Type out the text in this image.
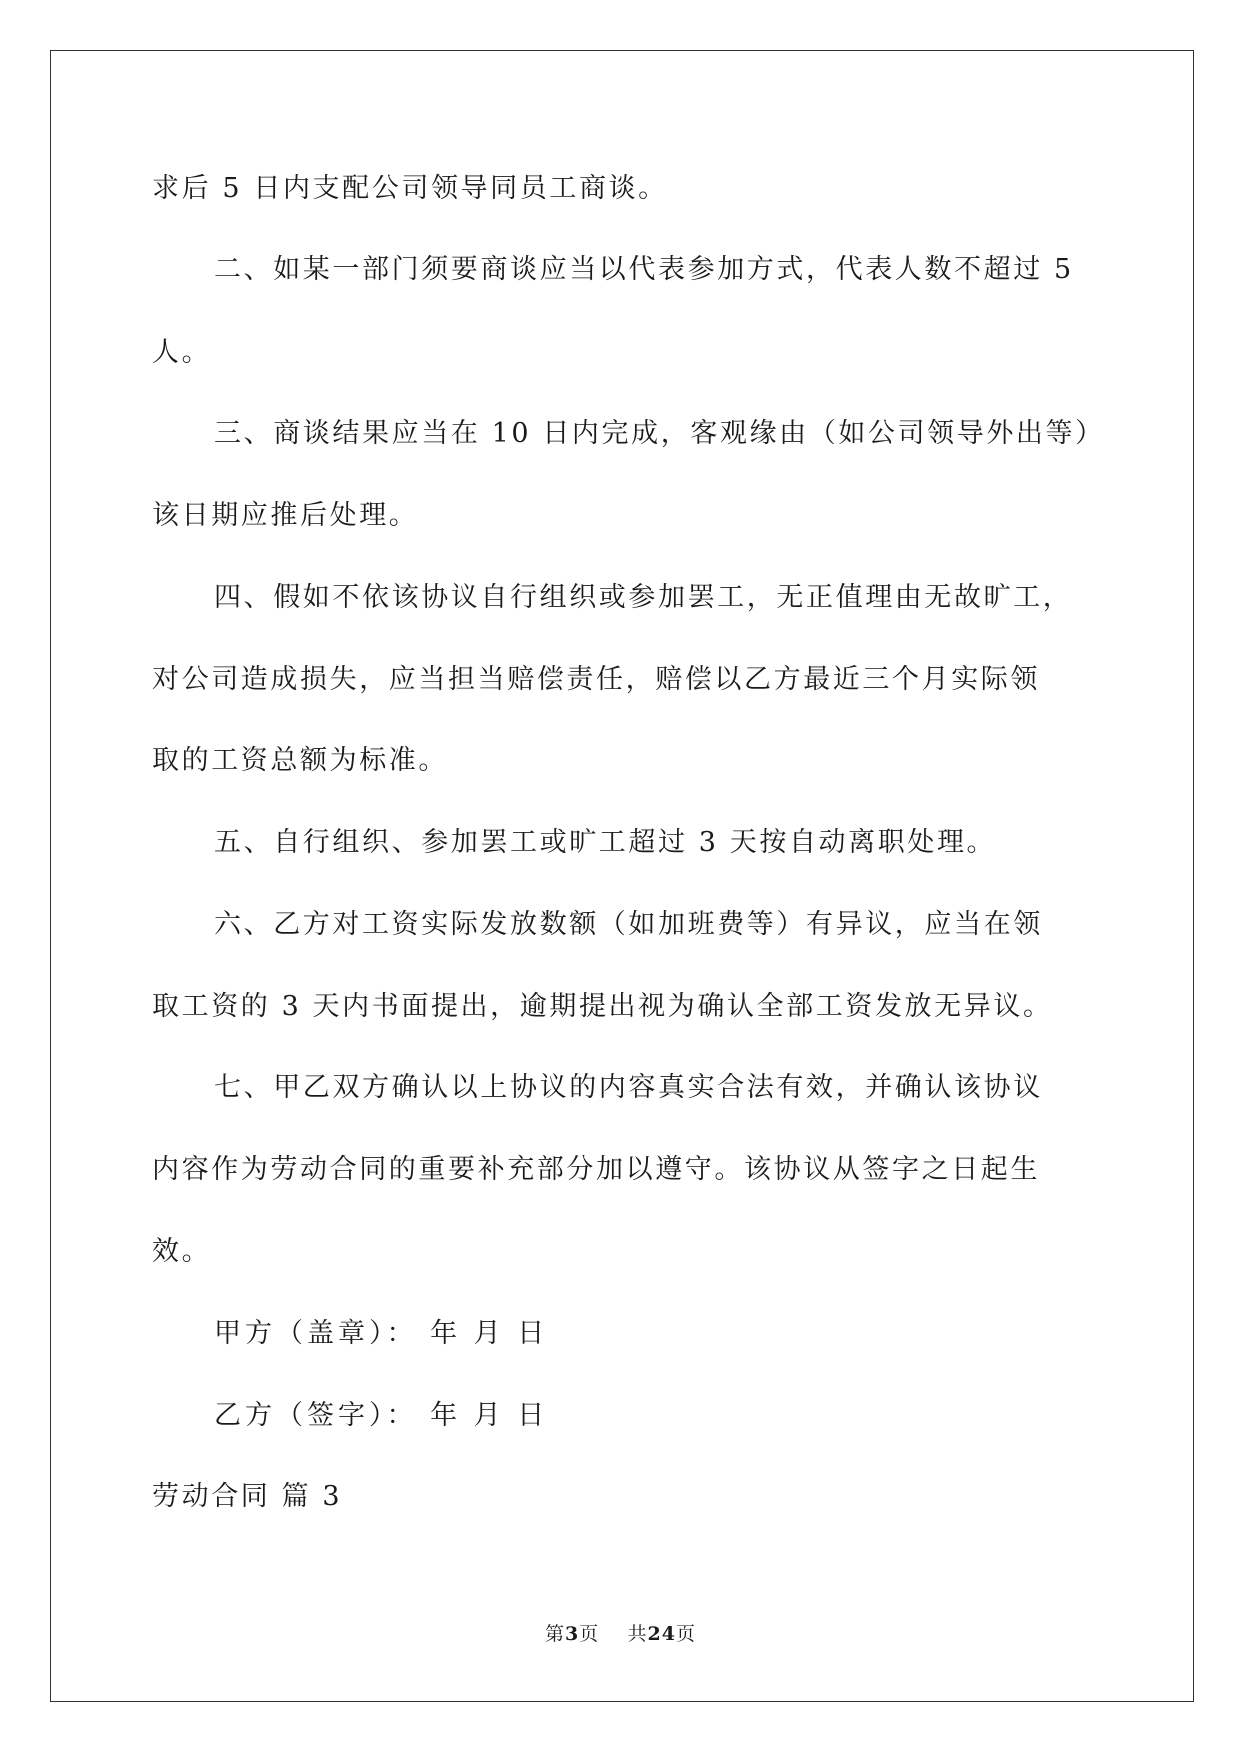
求后 5 日内支配公司领导同员工商谈。
二、如某一部门须要商谈应当以代表参加方式，代表人数不超过 5
人。
三、商谈结果应当在 10 日内完成，客观缘由（如公司领导外出等）
该日期应推后处理。
四、假如不依该协议自行组织或参加罢工，无正值理由无故旷工，
对公司造成损失，应当担当赔偿责任，赔偿以乙方最近三个月实际领
取的工资总额为标准。
五、自行组织、参加罢工或旷工超过 3 天按自动离职处理。
六、乙方对工资实际发放数额（如加班费等）有异议，应当在领
取工资的 3 天内书面提出，逾期提出视为确认全部工资发放无异议。
七、甲乙双方确认以上协议的内容真实合法有效，并确认该协议
内容作为劳动合同的重要补充部分加以遵守。该协议从签字之日起生
效。
甲方（盖章）： 年 月 日
乙方（签字）： 年 月 日
劳动合同 篇 3
第3页 共24页
